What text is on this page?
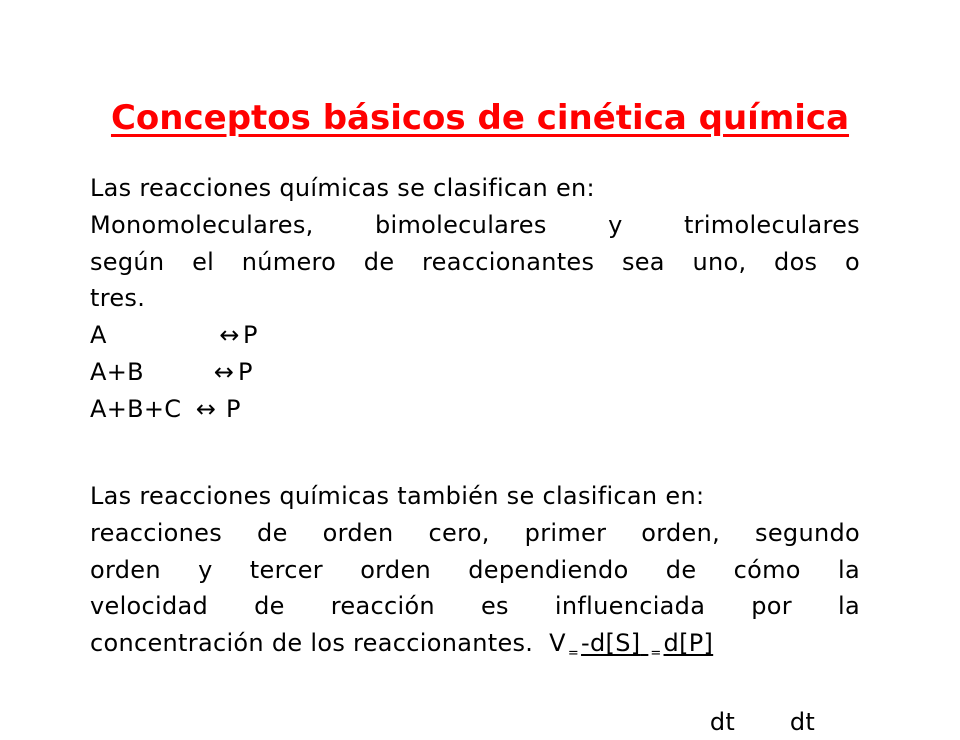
Conceptos básicos de cinética química
Las reacciones químicas se clasifican en:
Monomoleculares, bimoleculares y trimoleculares
según el número de reaccionantes sea uno, dos o
tres.
A	↔ P
A+B	↔ P
A+B+C ↔ P
Las reacciones químicas también se clasifican en:
reacciones de orden cero, primer orden, segundo
orden y tercer orden dependiendo de cómo la
velocidad de reacción es influenciada por la
concentración de los reaccionantes.
V = -d[S]
= d[P]

dt dt
